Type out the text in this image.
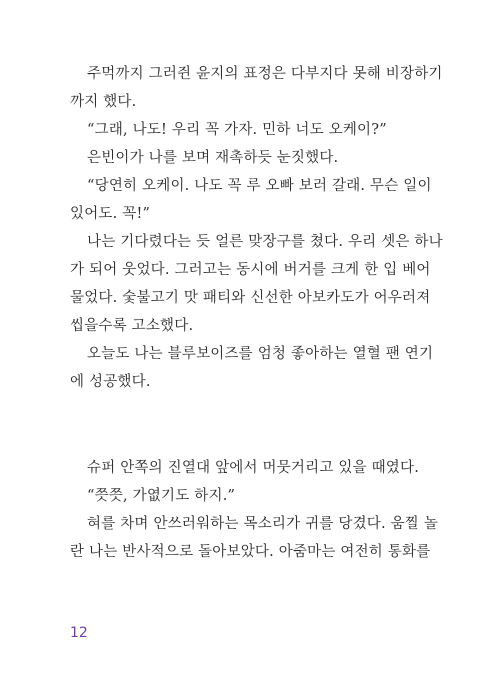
주먹까지 그러쥔 윤지의 표정은 다부지다 못해 비장하기
까지 했다.
“그래, 나도! 우리 꼭 가자. 민하 너도 오케이?”
은빈이가 나를 보며 재촉하듯 눈짓했다.
“당연히 오케이. 나도 꼭 루 오빠 보러 갈래. 무슨 일이
있어도. 꼭!”
나는 기다렸다는 듯 얼른 맞장구를 쳤다. 우리 셋은 하나
가 되어 웃었다. 그러고는 동시에 버거를 크게 한 입 베어
물었다. 숯불고기 맛 패티와 신선한 아보카도가 어우러져
씹을수록 고소했다.
오늘도 나는 블루보이즈를 엄청 좋아하는 열혈 팬 연기
에 성공했다.
슈퍼 안쪽의 진열대 앞에서 머뭇거리고 있을 때였다.
“쯧쯧, 가엾기도 하지.”
혀를 차며 안쓰러워하는 목소리가 귀를 당겼다. 움찔 놀
란 나는 반사적으로 돌아보았다. 아줌마는 여전히 통화를
12
